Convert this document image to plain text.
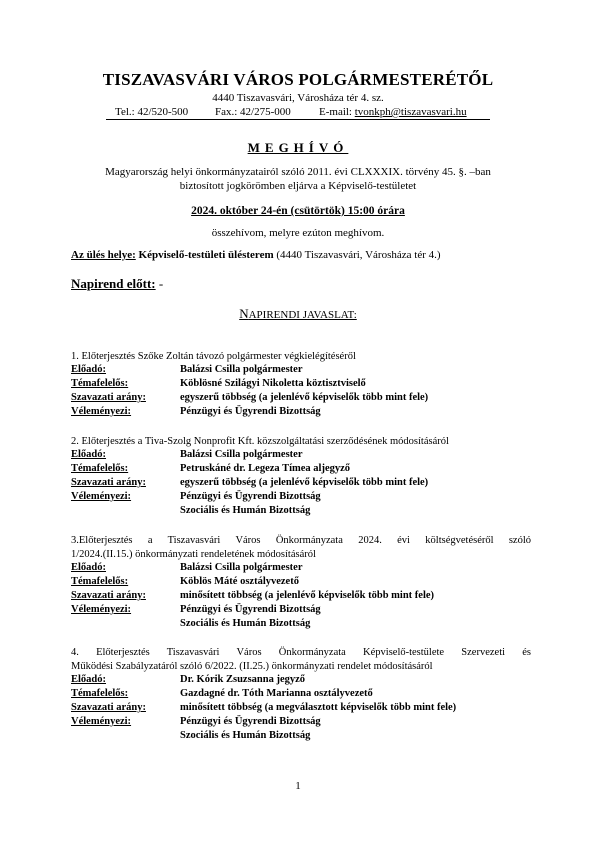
TISZAVASVÁRI VÁROS POLGÁRMESTERÉTŐL
4440 Tiszavasvári, Városháza tér 4. sz.
Tel.: 42/520-500 Fax.: 42/275-000	E-mail: tvonkph@tiszavasvari.hu
MEGHÍVÓ
Magyarország helyi önkormányzatairól szóló 2011. évi CLXXXIX. törvény 45. §. –ban
biztosított jogkörömben eljárva a Képviselő-testületet
2024. október 24-én (csütörtök) 15:00 órára
összehívom, melyre ezúton meghívom.
Az ülés helye: Képviselő-testületi ülésterem (4440 Tiszavasvári, Városháza tér 4.)
Napirend előtt: -
NAPIRENDI JAVASLAT:
1. Előterjesztés Szőke Zoltán távozó polgármester végkielégítéséről
Előadó:	Balázsi Csilla polgármester
Témafelelős:	Köblösné Szilágyi Nikoletta köztisztviselő
Szavazati arány:	egyszerű többség (a jelenlévő képviselők több mint fele)
Véleményezi:	Pénzügyi és Ügyrendi Bizottság
2. Előterjesztés a Tiva-Szolg Nonprofit Kft. közszolgáltatási szerződésének módosításáról
Előadó:	Balázsi Csilla polgármester
Témafelelős:	Petruskáné dr. Legeza Tímea aljegyző
Szavazati arány:	egyszerű többség (a jelenlévő képviselők több mint fele)
Véleményezi:	Pénzügyi és Ügyrendi Bizottság
Szociális és Humán Bizottság
3.Előterjesztés a Tiszavasvári Város Önkormányzata 2024. évi költségvetéséről szóló
1/2024.(II.15.) önkormányzati rendeletének módosításáról
Előadó:	Balázsi Csilla polgármester
Témafelelős:	Köblös Máté osztályvezető
Szavazati arány:	minősített többség (a jelenlévő képviselők több mint fele)
Véleményezi:	Pénzügyi és Ügyrendi Bizottság
Szociális és Humán Bizottság
4. Előterjesztés Tiszavasvári Város Önkormányzata Képviselő-testülete Szervezeti és
Működési Szabályzatáról szóló 6/2022. (II.25.) önkormányzati rendelet módosításáról
Előadó:	Dr. Kórik Zsuzsanna jegyző
Témafelelős:	Gazdagné dr. Tóth Marianna osztályvezető
Szavazati arány:	minősített többség (a megválasztott képviselők több mint fele)
Véleményezi:	Pénzügyi és Ügyrendi Bizottság
Szociális és Humán Bizottság
1
